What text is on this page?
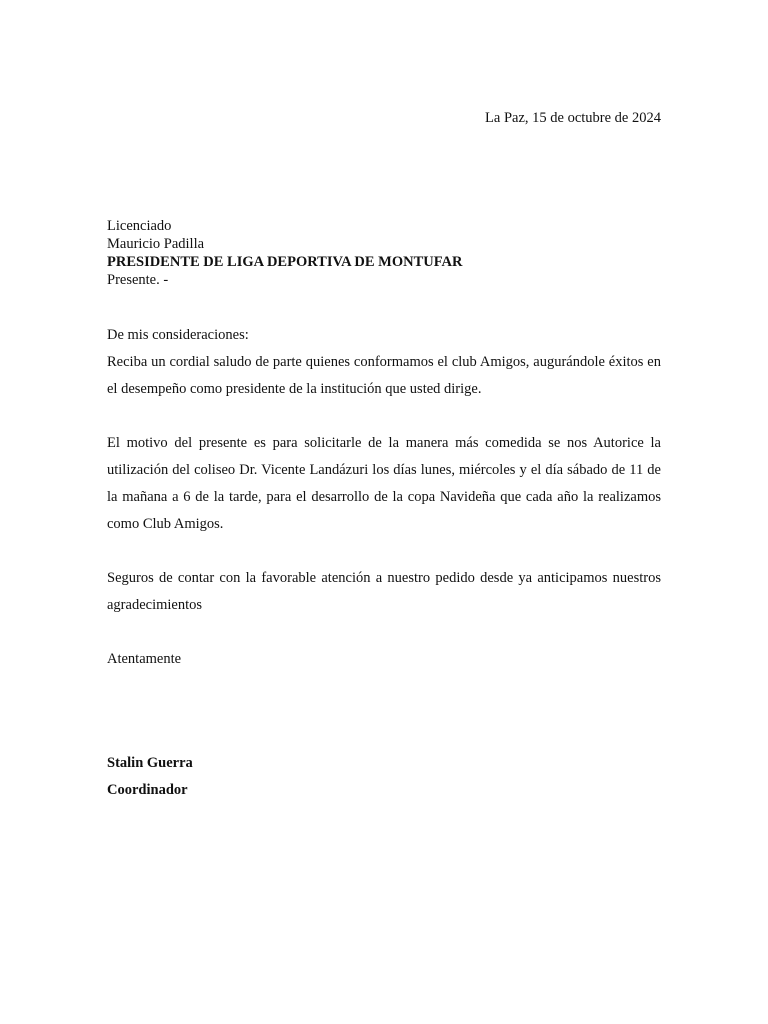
La Paz, 15 de octubre de 2024
Licenciado
Mauricio Padilla
PRESIDENTE DE LIGA DEPORTIVA DE MONTUFAR
Presente. -

De mis consideraciones:

Reciba un cordial saludo de parte quienes conformamos el club Amigos, augurándole éxitos en el desempeño como presidente de la institución que usted dirige.

El motivo del presente es para solicitarle de la manera más comedida se nos Autorice la utilización del coliseo Dr. Vicente Landázuri los días lunes, miércoles y el día sábado de 11 de la mañana a 6 de la tarde, para el desarrollo de la copa Navideña que cada año la realizamos como Club Amigos.

Seguros de contar con la favorable atención a nuestro pedido desde ya anticipamos nuestros agradecimientos

Atentamente

Stalin Guerra
Coordinador
